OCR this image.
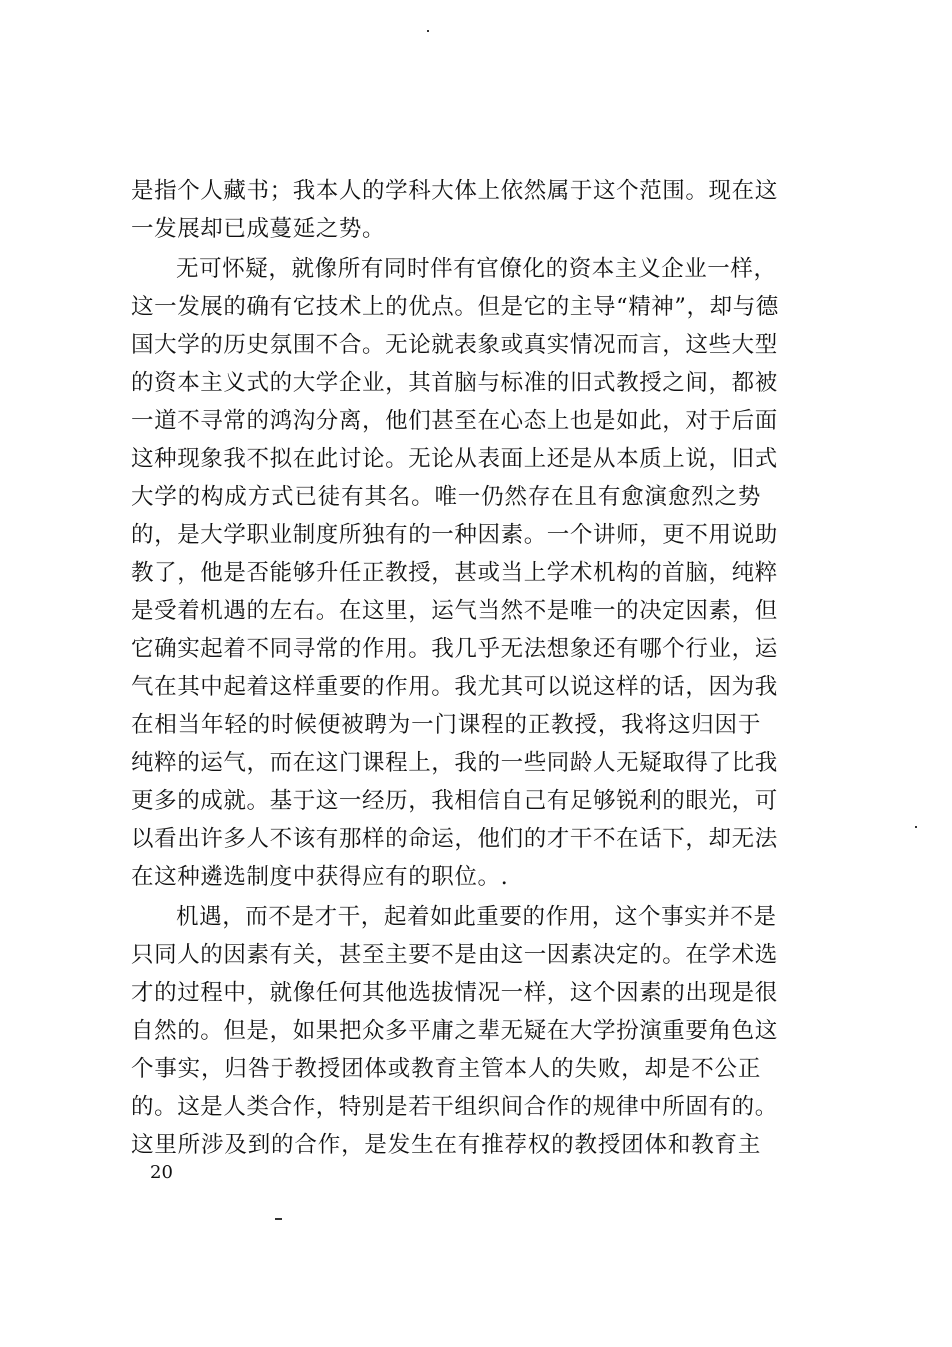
是指个人藏书；我本人的学科大体上依然属于这个范围。现在这
一发展却已成蔓延之势。
无可怀疑，就像所有同时伴有官僚化的资本主义企业一样，
这一发展的确有它技术上的优点。但是它的主导“精神”，却与德
国大学的历史氛围不合。无论就表象或真实情况而言，这些大型
的资本主义式的大学企业，其首脑与标准的旧式教授之间，都被
一道不寻常的鸿沟分离，他们甚至在心态上也是如此，对于后面
这种现象我不拟在此讨论。无论从表面上还是从本质上说，旧式
大学的构成方式已徒有其名。唯一仍然存在且有愈演愈烈之势
的，是大学职业制度所独有的一种因素。一个讲师，更不用说助
教了，他是否能够升任正教授，甚或当上学术机构的首脑，纯粹
是受着机遇的左右。在这里，运气当然不是唯一的决定因素，但
它确实起着不同寻常的作用。我几乎无法想象还有哪个行业，运
气在其中起着这样重要的作用。我尤其可以说这样的话，因为我
在相当年轻的时候便被聘为一门课程的正教授，我将这归因于
纯粹的运气，而在这门课程上，我的一些同龄人无疑取得了比我
更多的成就。基于这一经历，我相信自己有足够锐利的眼光，可
以看出许多人不该有那样的命运，他们的才干不在话下，却无法
在这种遴选制度中获得应有的职位。.
机遇，而不是才干，起着如此重要的作用，这个事实并不是
只同人的因素有关，甚至主要不是由这一因素决定的。在学术选
才的过程中，就像任何其他选拔情况一样，这个因素的出现是很
自然的。但是，如果把众多平庸之辈无疑在大学扮演重要角色这
个事实，归咎于教授团体或教育主管本人的失败，却是不公正
的。这是人类合作，特别是若干组织间合作的规律中所固有的。
这里所涉及到的合作，是发生在有推荐权的教授团体和教育主
20
